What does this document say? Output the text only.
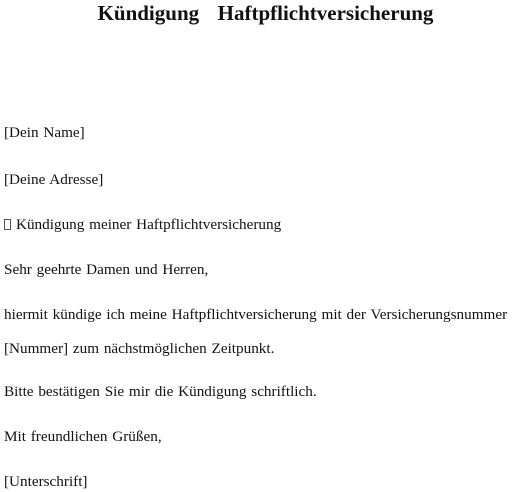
Kündigung  Haftpflichtversicherung
[Dein Name]
[Deine Adresse]
Kündigung meiner Haftpflichtversicherung
Sehr geehrte Damen und Herren,
hiermit kündige ich meine Haftpflichtversicherung mit der Versicherungsnummer
[Nummer] zum nächstmöglichen Zeitpunkt.
Bitte bestätigen Sie mir die Kündigung schriftlich.
Mit freundlichen Grüßen,
[Unterschrift]
